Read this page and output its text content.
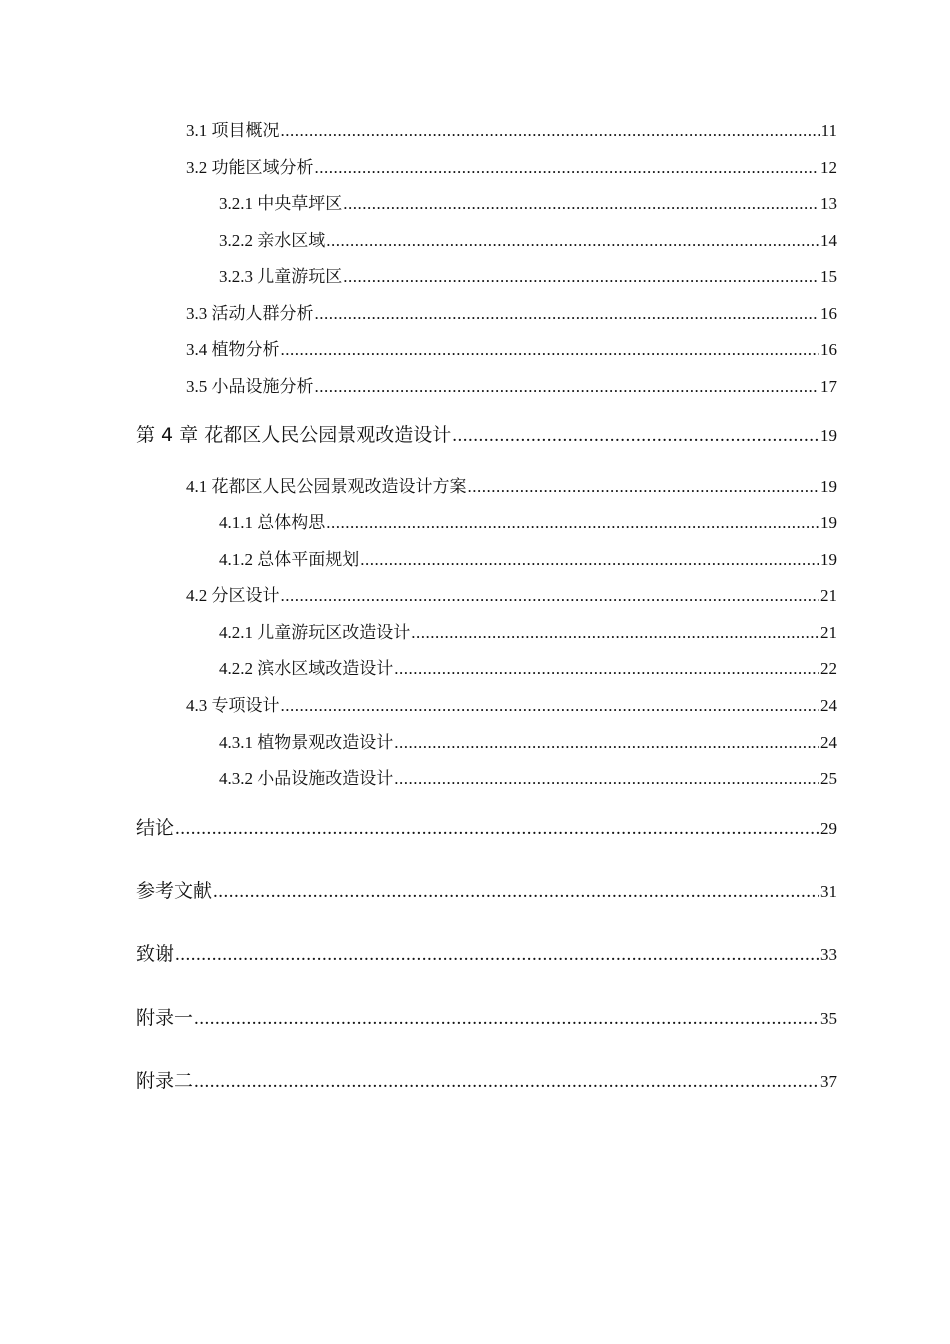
3.1 项目概况 .....	11
3.2 功能区域分析 .....	12
3.2.1 中央草坪区 .....	13
3.2.2 亲水区域 .....	14
3.2.3 儿童游玩区 .....	15
3.3 活动人群分析 .....	16
3.4 植物分析 .....	16
3.5 小品设施分析 .....	17
第 4 章 花都区人民公园景观改造设计 .....	19
4.1 花都区人民公园景观改造设计方案 .....	19
4.1.1 总体构思 .....	19
4.1.2 总体平面规划 .....	19
4.2 分区设计 .....	21
4.2.1 儿童游玩区改造设计 .....	21
4.2.2 滨水区域改造设计 .....	22
4.3 专项设计 .....	24
4.3.1 植物景观改造设计 .....	24
4.3.2 小品设施改造设计 .....	25
结论 .....	29
参考文献 .....	31
致谢 .....	33
附录一 .....	35
附录二 .....	37
